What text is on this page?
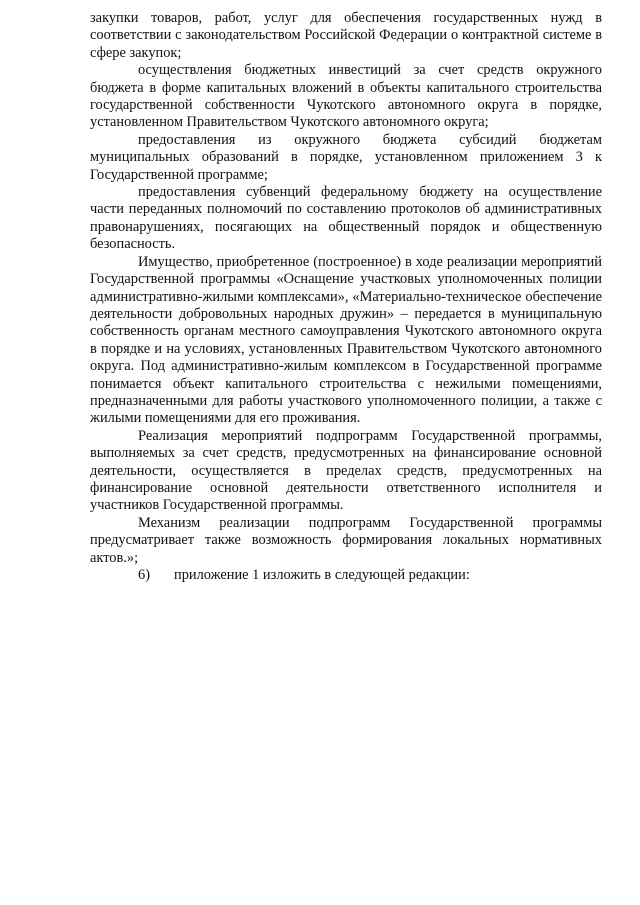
закупки товаров, работ, услуг для обеспечения государственных нужд в соответствии с законодательством Российской Федерации о контрактной системе в сфере закупок;

осуществления бюджетных инвестиций за счет средств окружного бюджета в форме капитальных вложений в объекты капитального строительства государственной собственности Чукотского автономного округа в порядке, установленном Правительством Чукотского автономного округа;

предоставления из окружного бюджета субсидий бюджетам муниципальных образований в порядке, установленном приложением 3 к Государственной программе;

предоставления субвенций федеральному бюджету на осуществление части переданных полномочий по составлению протоколов об административных правонарушениях, посягающих на общественный порядок и общественную безопасность.

Имущество, приобретенное (построенное) в ходе реализации мероприятий Государственной программы «Оснащение участковых уполномоченных полиции административно-жилыми комплексами», «Материально-техническое обеспечение деятельности добровольных народных дружин» – передается в муниципальную собственность органам местного самоуправления Чукотского автономного округа в порядке и на условиях, установленных Правительством Чукотского автономного округа. Под административно-жилым комплексом в Государственной программе понимается объект капитального строительства с нежилыми помещениями, предназначенными для работы участкового уполномоченного полиции, а также с жилыми помещениями для его проживания.

Реализация мероприятий подпрограмм Государственной программы, выполняемых за счет средств, предусмотренных на финансирование основной деятельности, осуществляется в пределах средств, предусмотренных на финансирование основной деятельности ответственного исполнителя и участников Государственной программы.

Механизм реализации подпрограмм Государственной программы предусматривает также возможность формирования локальных нормативных актов.»;

6) приложение 1 изложить в следующей редакции:
